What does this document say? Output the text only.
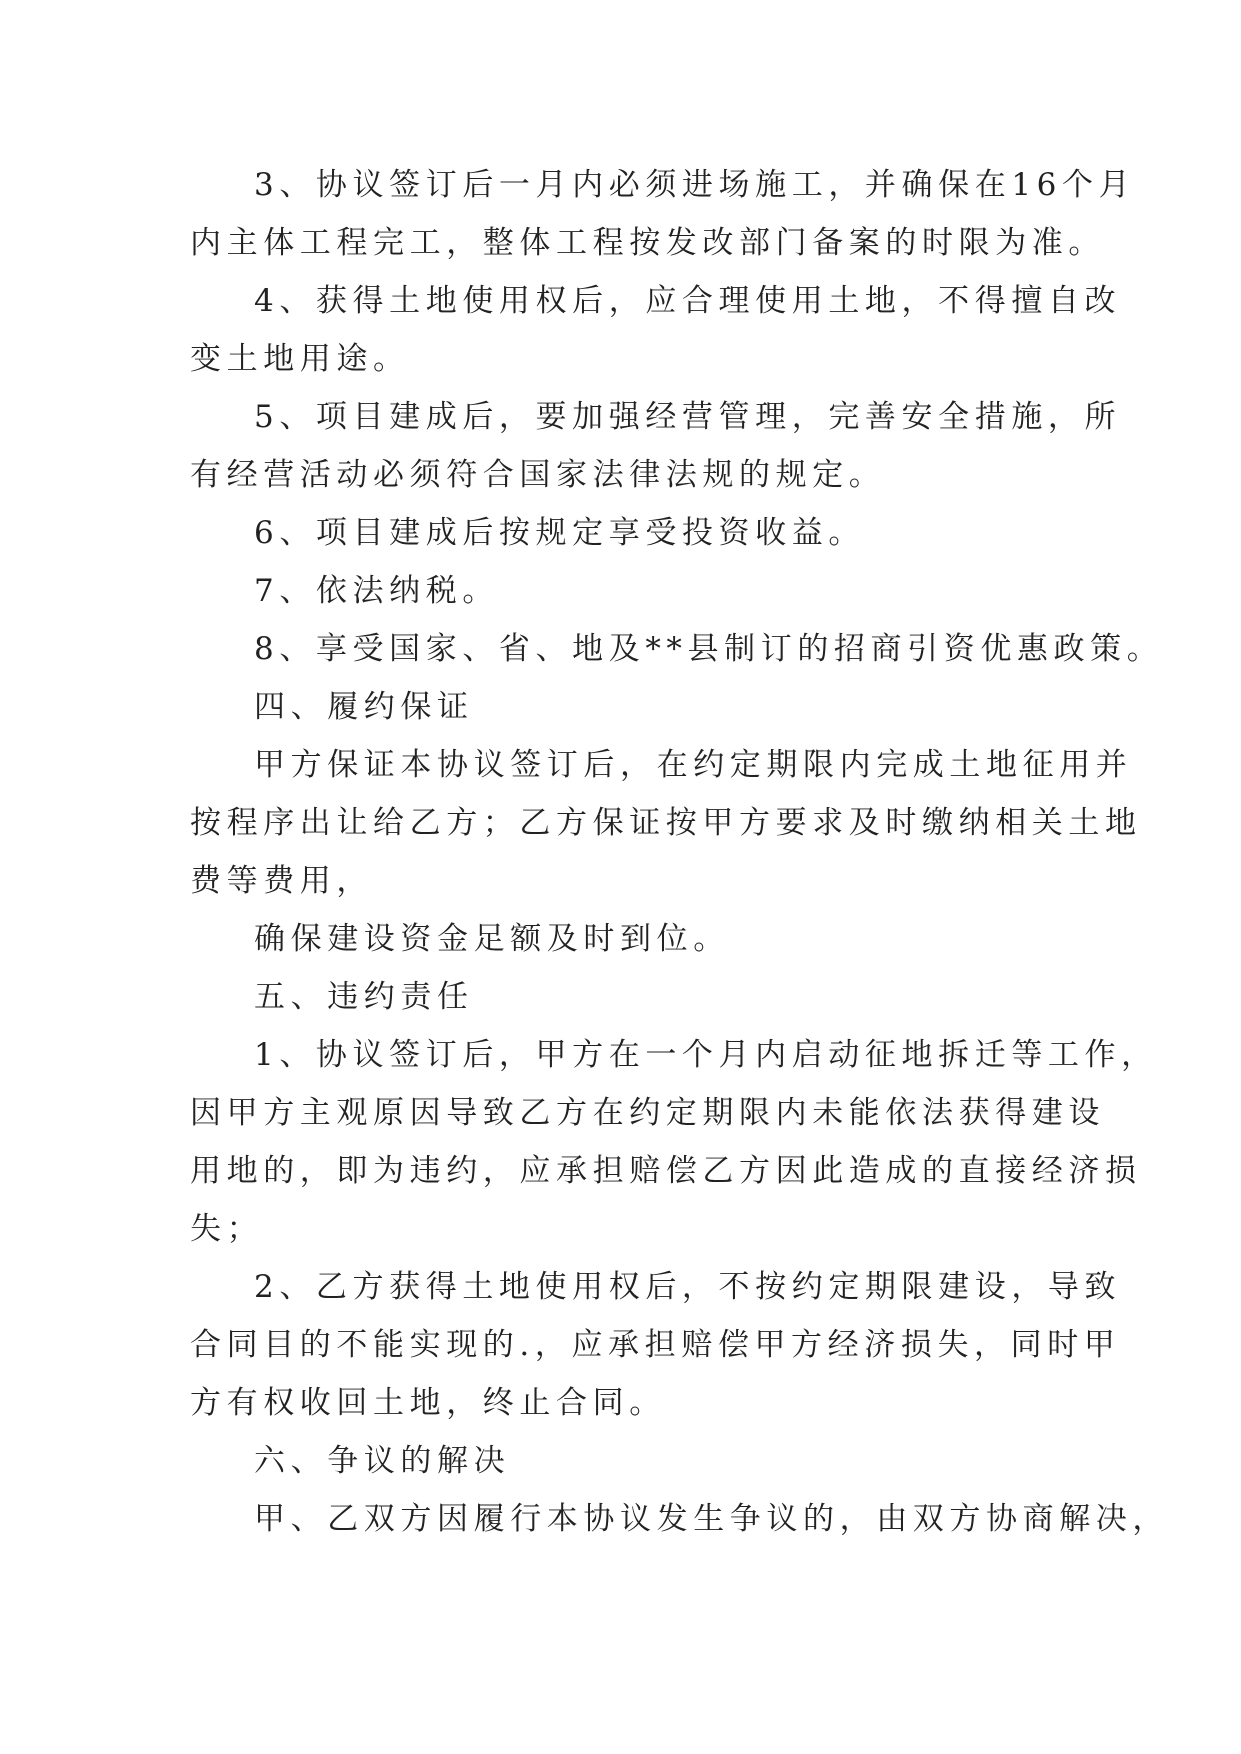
3、协议签订后一月内必须进场施工，并确保在16个月
内主体工程完工，整体工程按发改部门备案的时限为准。
4、获得土地使用权后，应合理使用土地，不得擅自改
变土地用途。
5、项目建成后，要加强经营管理，完善安全措施，所
有经营活动必须符合国家法律法规的规定。
6、项目建成后按规定享受投资收益。
7、依法纳税。
8、享受国家、省、地及**县制订的招商引资优惠政策。
四、履约保证
甲方保证本协议签订后，在约定期限内完成土地征用并
按程序出让给乙方；乙方保证按甲方要求及时缴纳相关土地
费等费用，
确保建设资金足额及时到位。
五、违约责任
1、协议签订后，甲方在一个月内启动征地拆迁等工作，
因甲方主观原因导致乙方在约定期限内未能依法获得建设
用地的，即为违约，应承担赔偿乙方因此造成的直接经济损
失；
2、乙方获得土地使用权后，不按约定期限建设，导致
合同目的不能实现的.，应承担赔偿甲方经济损失，同时甲
方有权收回土地，终止合同。
六、争议的解决
甲、乙双方因履行本协议发生争议的，由双方协商解决，
